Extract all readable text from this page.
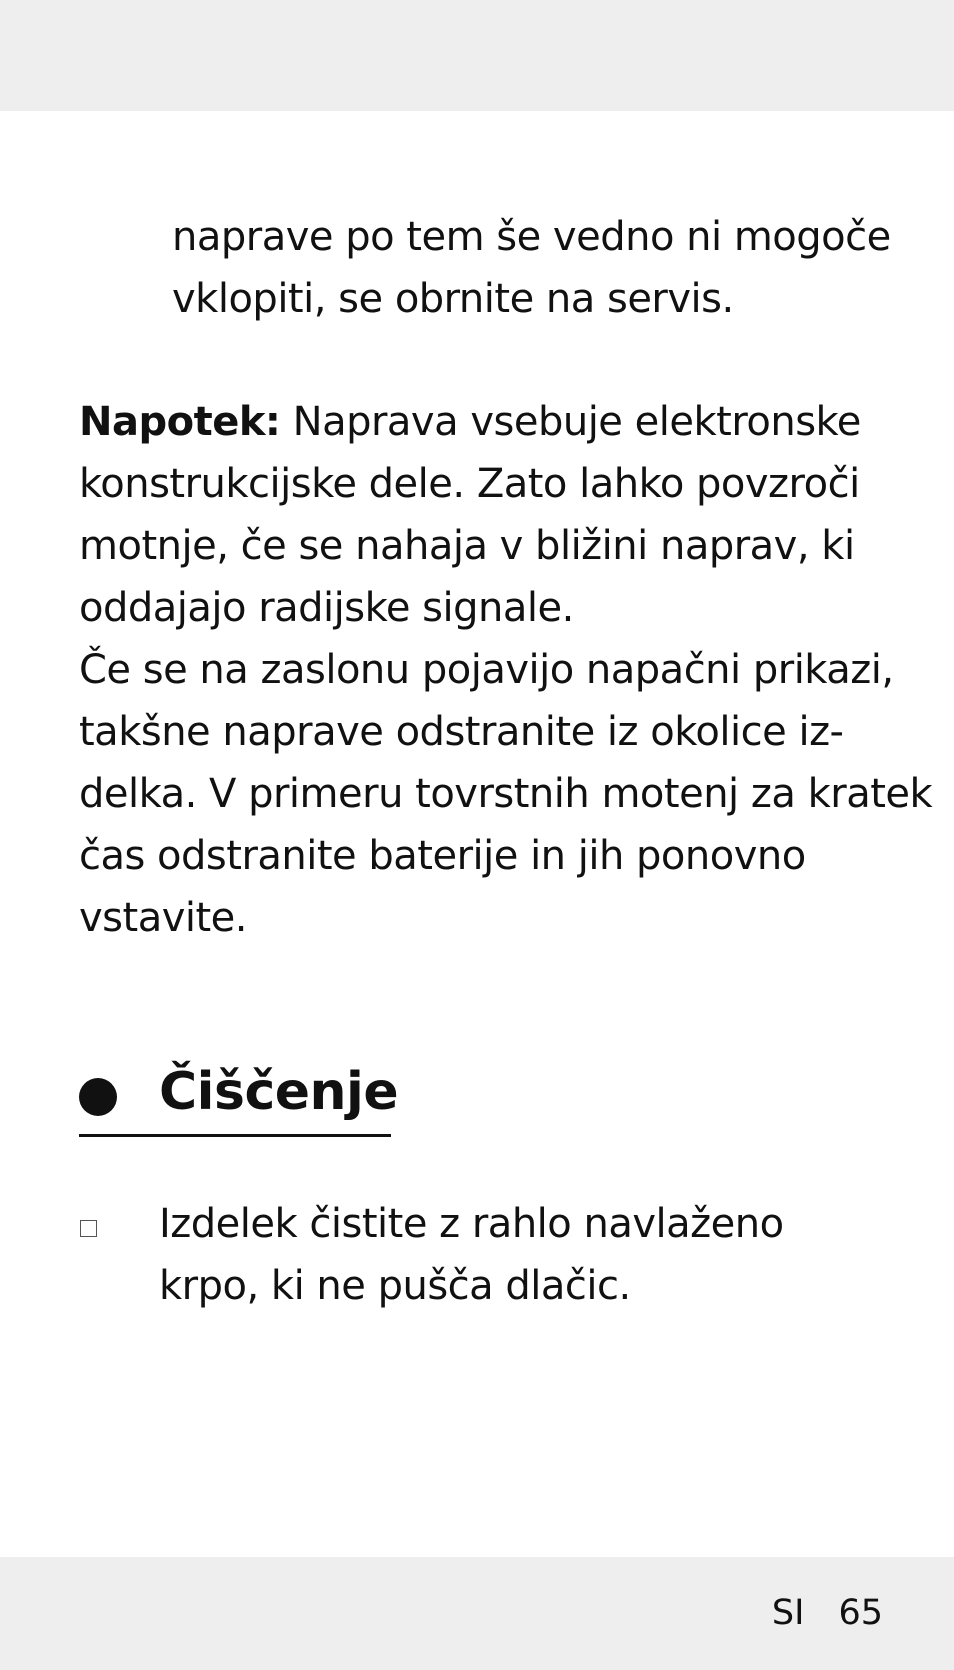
naprave po tem še vedno ni mogoče
vklopiti, se obrnite na servis.
Napotek: Naprava vsebuje elektronske
konstrukcijske dele. Zato lahko povzroči
motnje, če se nahaja v bližini naprav, ki
oddajajo radijske signale.
Če se na zaslonu pojavijo napačni prikazi,
takšne naprave odstranite iz okolice iz-
delka. V primeru tovrstnih motenj za kratek
čas odstranite baterije in jih ponovno
vstavite.
Čiščenje
Izdelek čistite z rahlo navlaženo
krpo, ki ne pušča dlačic.
SI 65
